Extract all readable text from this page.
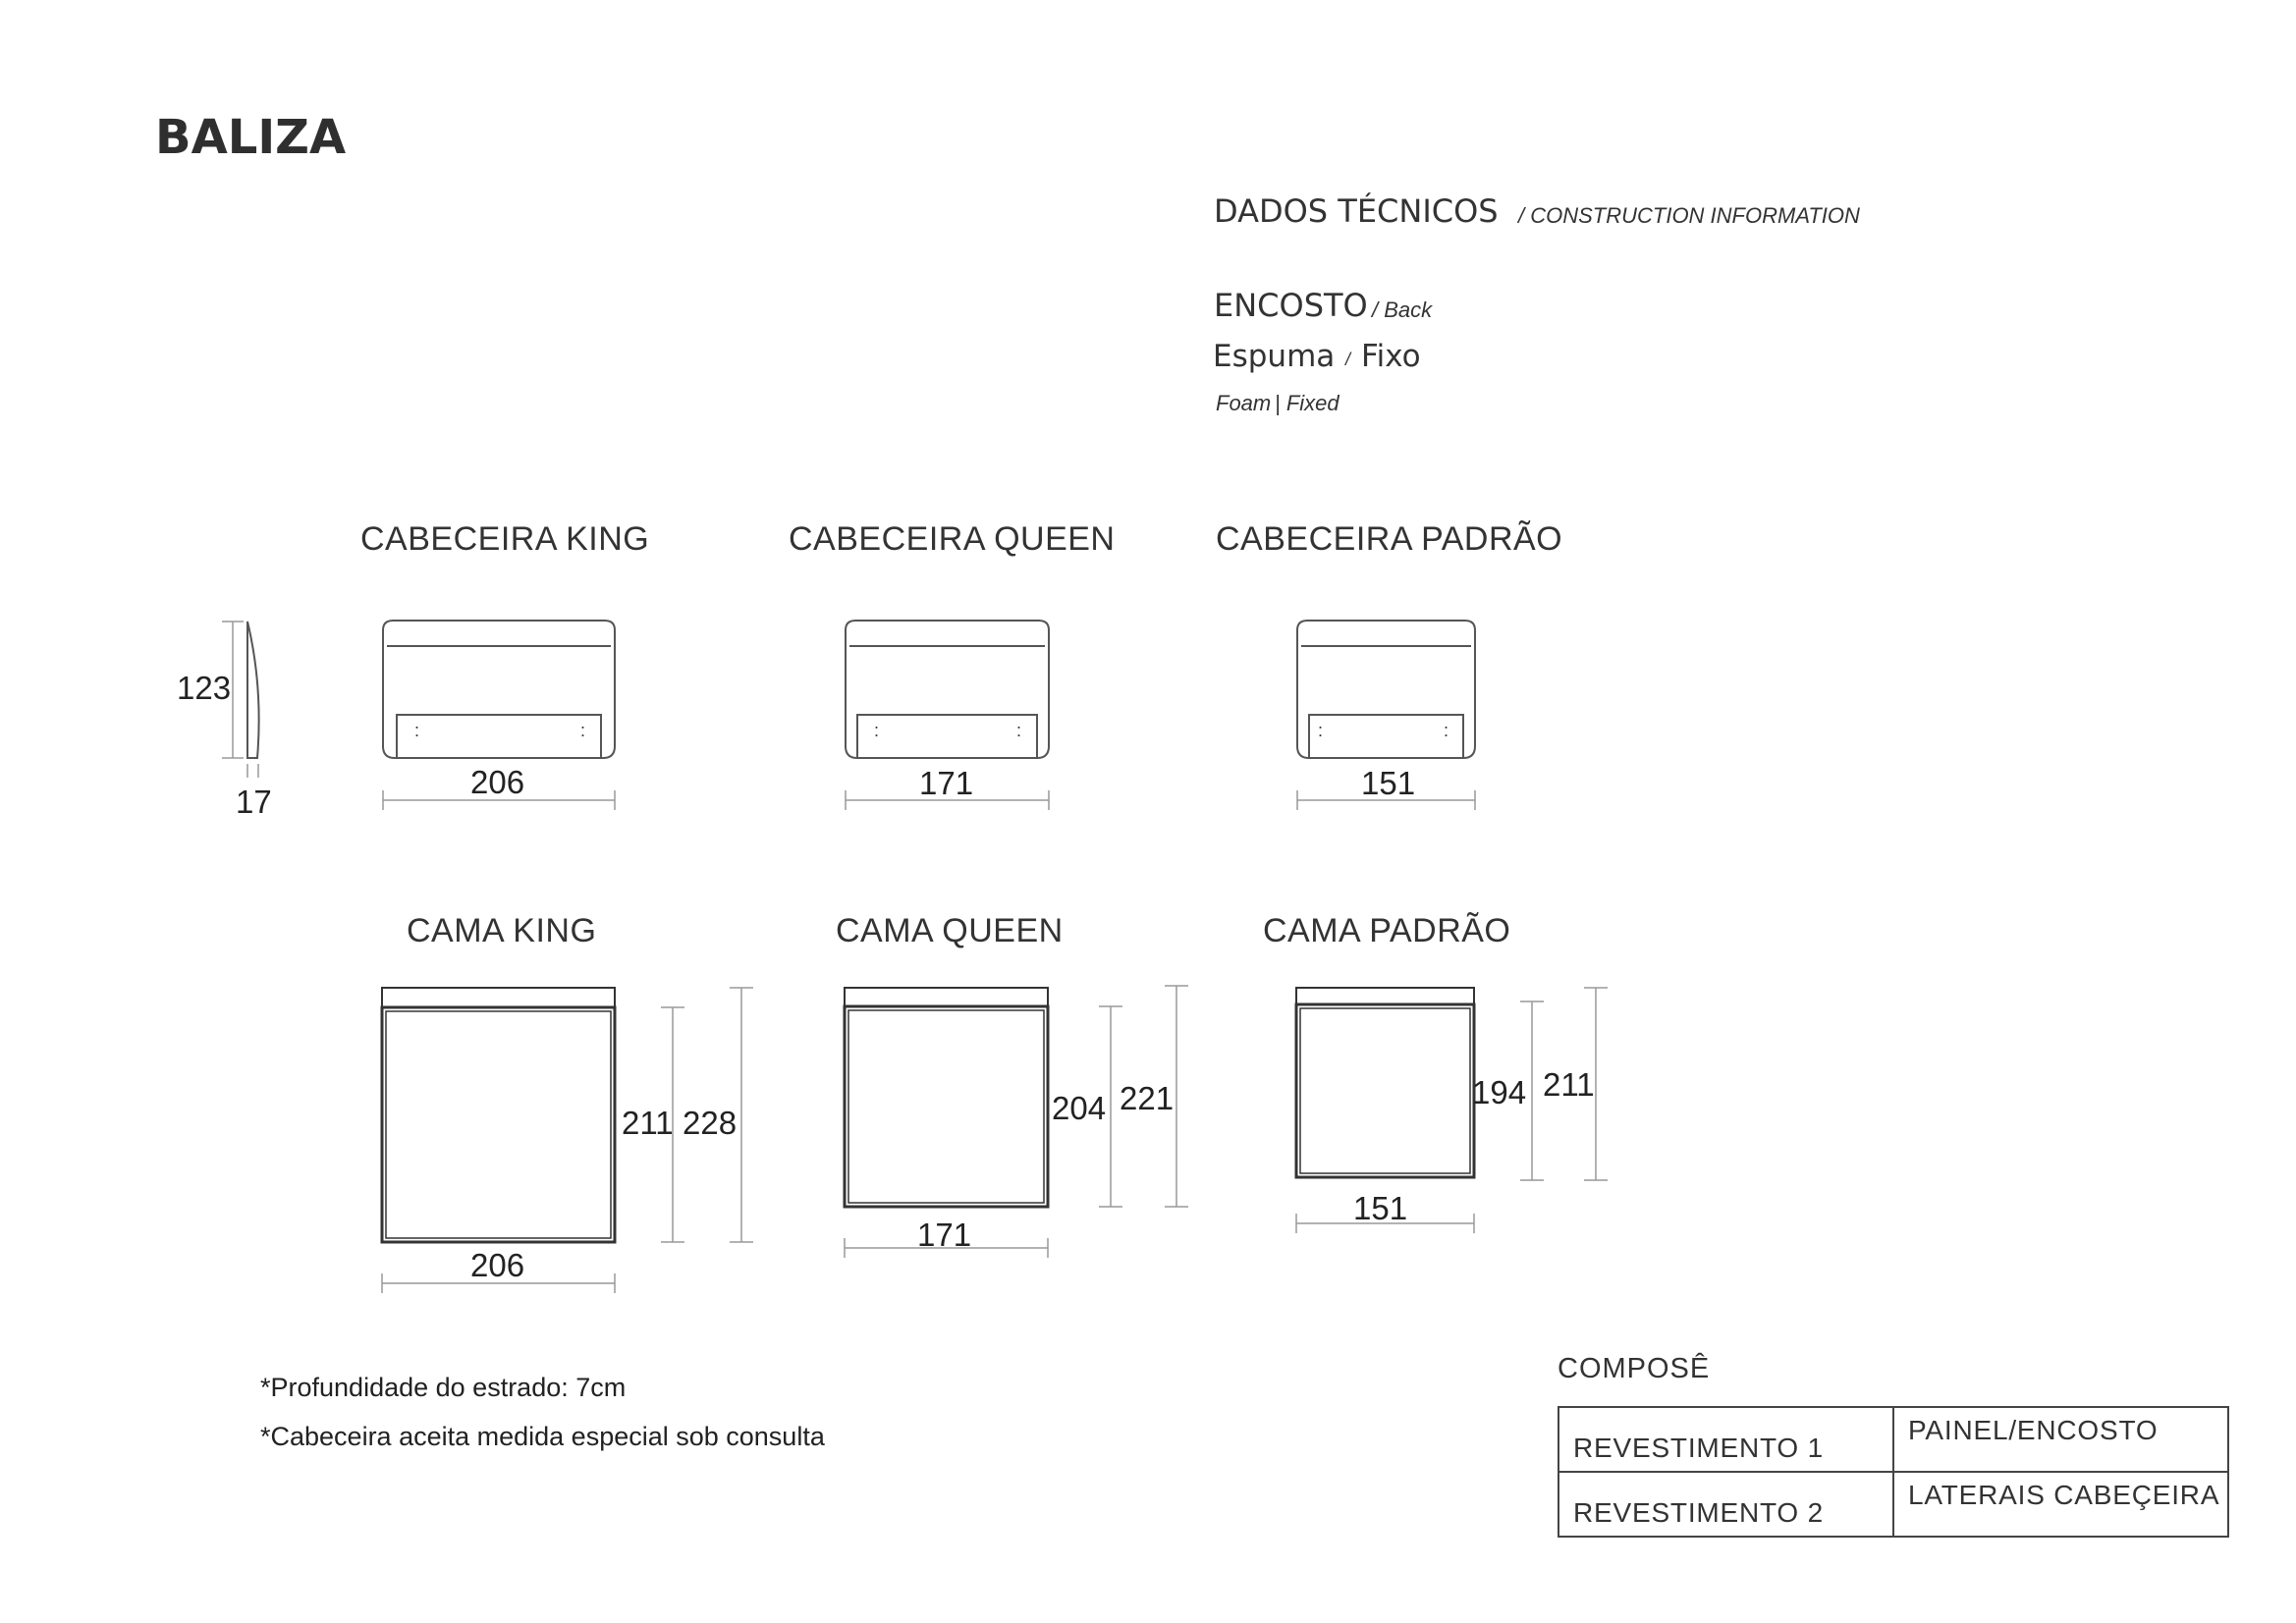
BALIZA
DADOS TÉCNICOS / CONSTRUCTION INFORMATION
ENCOSTO / Back
Espuma / Fixo
Foam | Fixed
CABECEIRA KING	CABECEIRA QUEEN	CABECEIRA PADRÃO
CAMA KING	CAMA QUEEN	CAMA PADRÃO
:	:	:	:	:	:
123
17
206	171	151
206
211 228
171
204 221
151
194 211
*Profundidade do estrado: 7cm
*Cabeceira aceita medida especial sob consulta
COMPOSÊ
REVESTIMENTO 1	PAINEL/ENCOSTO
REVESTIMENTO 2	LATERAIS CABEÇEIRA
